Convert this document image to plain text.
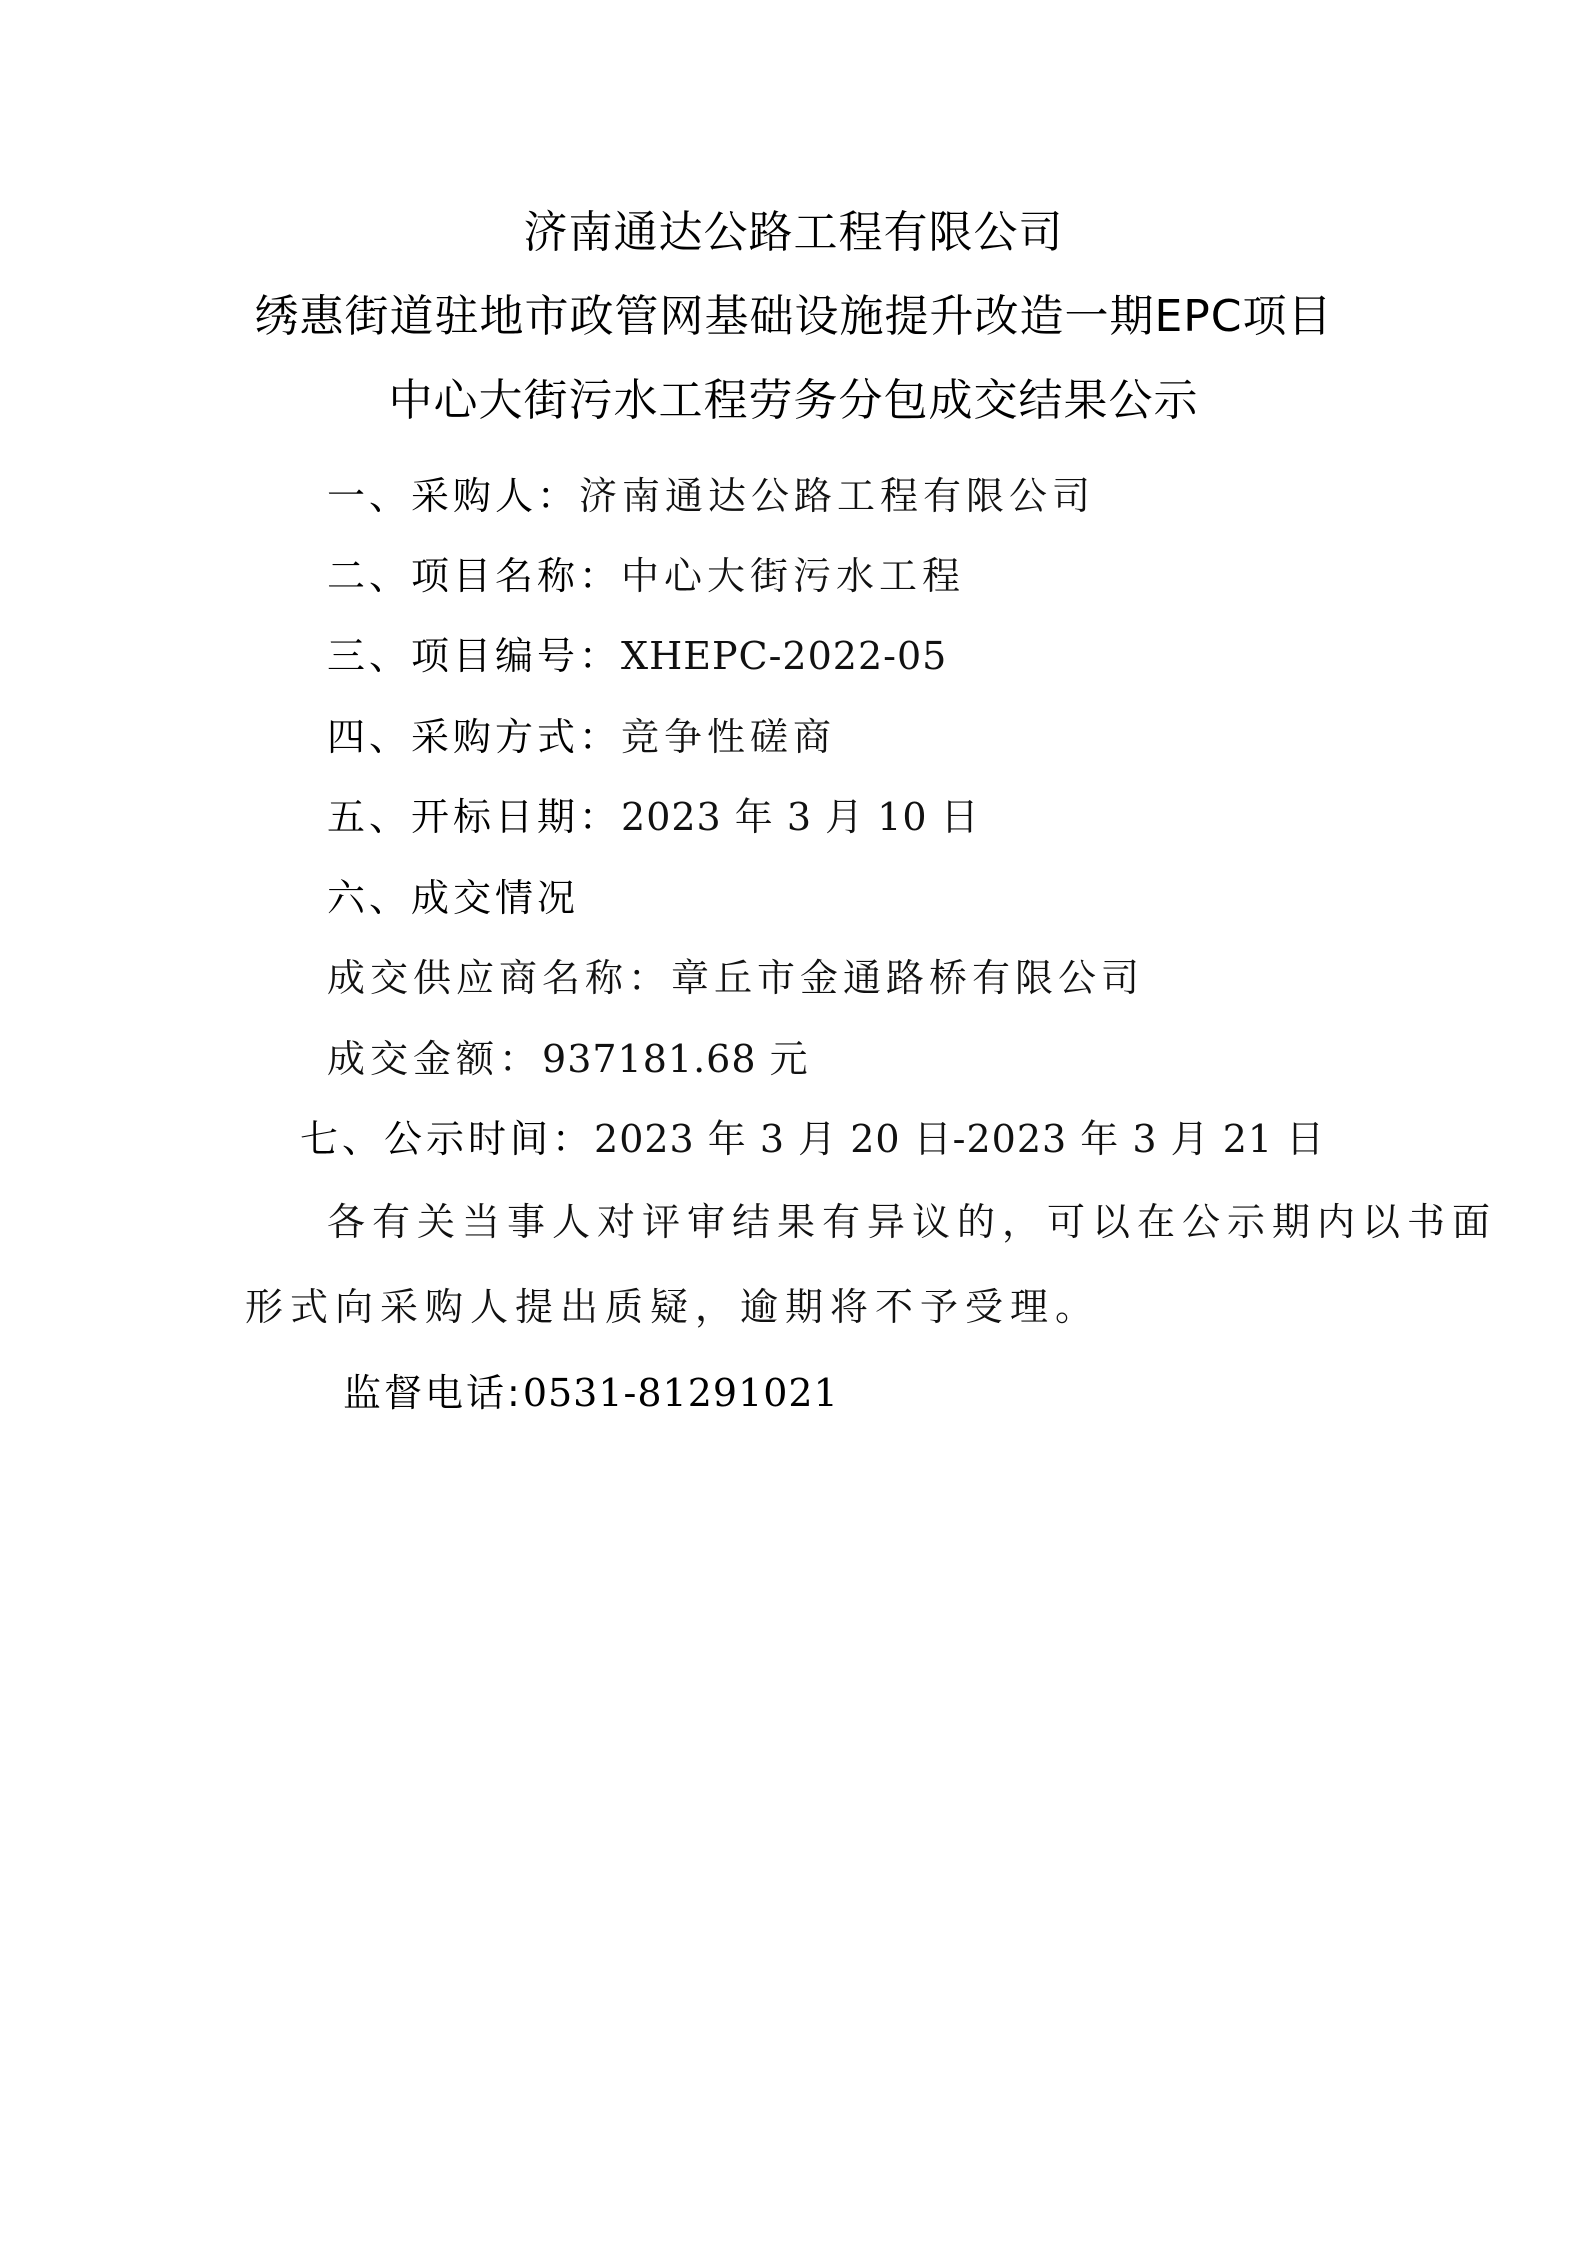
济南通达公路工程有限公司
绣惠街道驻地市政管网基础设施提升改造一期EPC项目
中心大街污水工程劳务分包成交结果公示
一、采购人：济南通达公路工程有限公司
二、项目名称：中心大街污水工程
三、项目编号：XHEPC-2022-05
四、采购方式：竞争性磋商
五、开标日期：2023 年 3 月 10 日
六、成交情况
成交供应商名称：章丘市金通路桥有限公司
成交金额：937181.68 元
七、公示时间：2023 年 3 月 20 日-2023 年 3 月 21 日
各有关当事人对评审结果有异议的，可以在公示期内以书面
形式向采购人提出质疑，逾期将不予受理。
监督电话:0531-81291021
